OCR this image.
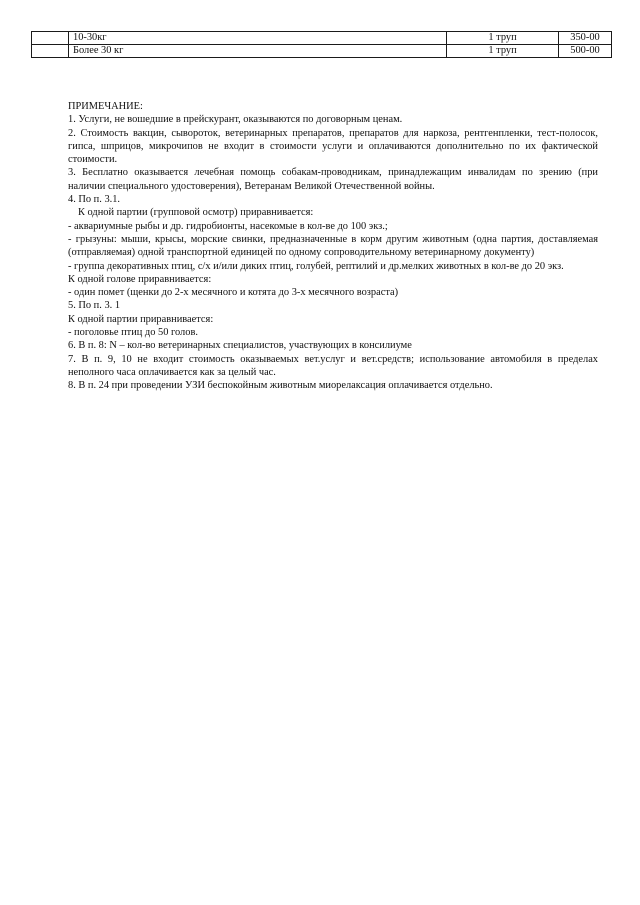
	10-30кг	1 труп	350-00
	Более 30 кг	1 труп	500-00

ПРИМЕЧАНИЕ:

1. Услуги, не вошедшие в прейскурант, оказываются по договорным ценам.

2. Стоимость вакцин, сывороток, ветеринарных препаратов, препаратов для наркоза, рентгенпленки, тест-полосок, гипса, шприцов, микрочипов не входит в стоимости услуги и оплачиваются дополнительно по их фактической стоимости.

3. Бесплатно оказывается лечебная помощь собакам-проводникам, принадлежащим инвалидам по зрению (при наличии специального удостоверения), Ветеранам Великой Отечественной войны.

4. По п. 3.1.

К одной партии (групповой осмотр) приравнивается:

- аквариумные рыбы и др. гидробионты, насекомые в кол-ве до 100 экз.;

- грызуны: мыши, крысы, морские свинки, предназначенные в корм другим животным (одна партия, доставляемая (отправляемая) одной транспортной единицей по одному сопроводительному ветеринарному документу)

- группа декоративных птиц, с/х и/или диких птиц, голубей, рептилий и др.мелких животных в кол-ве до 20 экз.

К одной голове приравнивается:

- один помет (щенки до 2-х месячного и котята до 3-х месячного возраста)

5. По п. 3. 1

К одной партии приравнивается:

- поголовье птиц до 50 голов.

6. В п. 8: N – кол-во ветеринарных специалистов, участвующих в консилиуме

7. В п. 9, 10 не входит стоимость оказываемых вет.услуг и вет.средств; использование автомобиля в пределах неполного часа оплачивается как за целый час.

8. В п. 24 при проведении УЗИ беспокойным животным миорелаксация оплачивается отдельно.
